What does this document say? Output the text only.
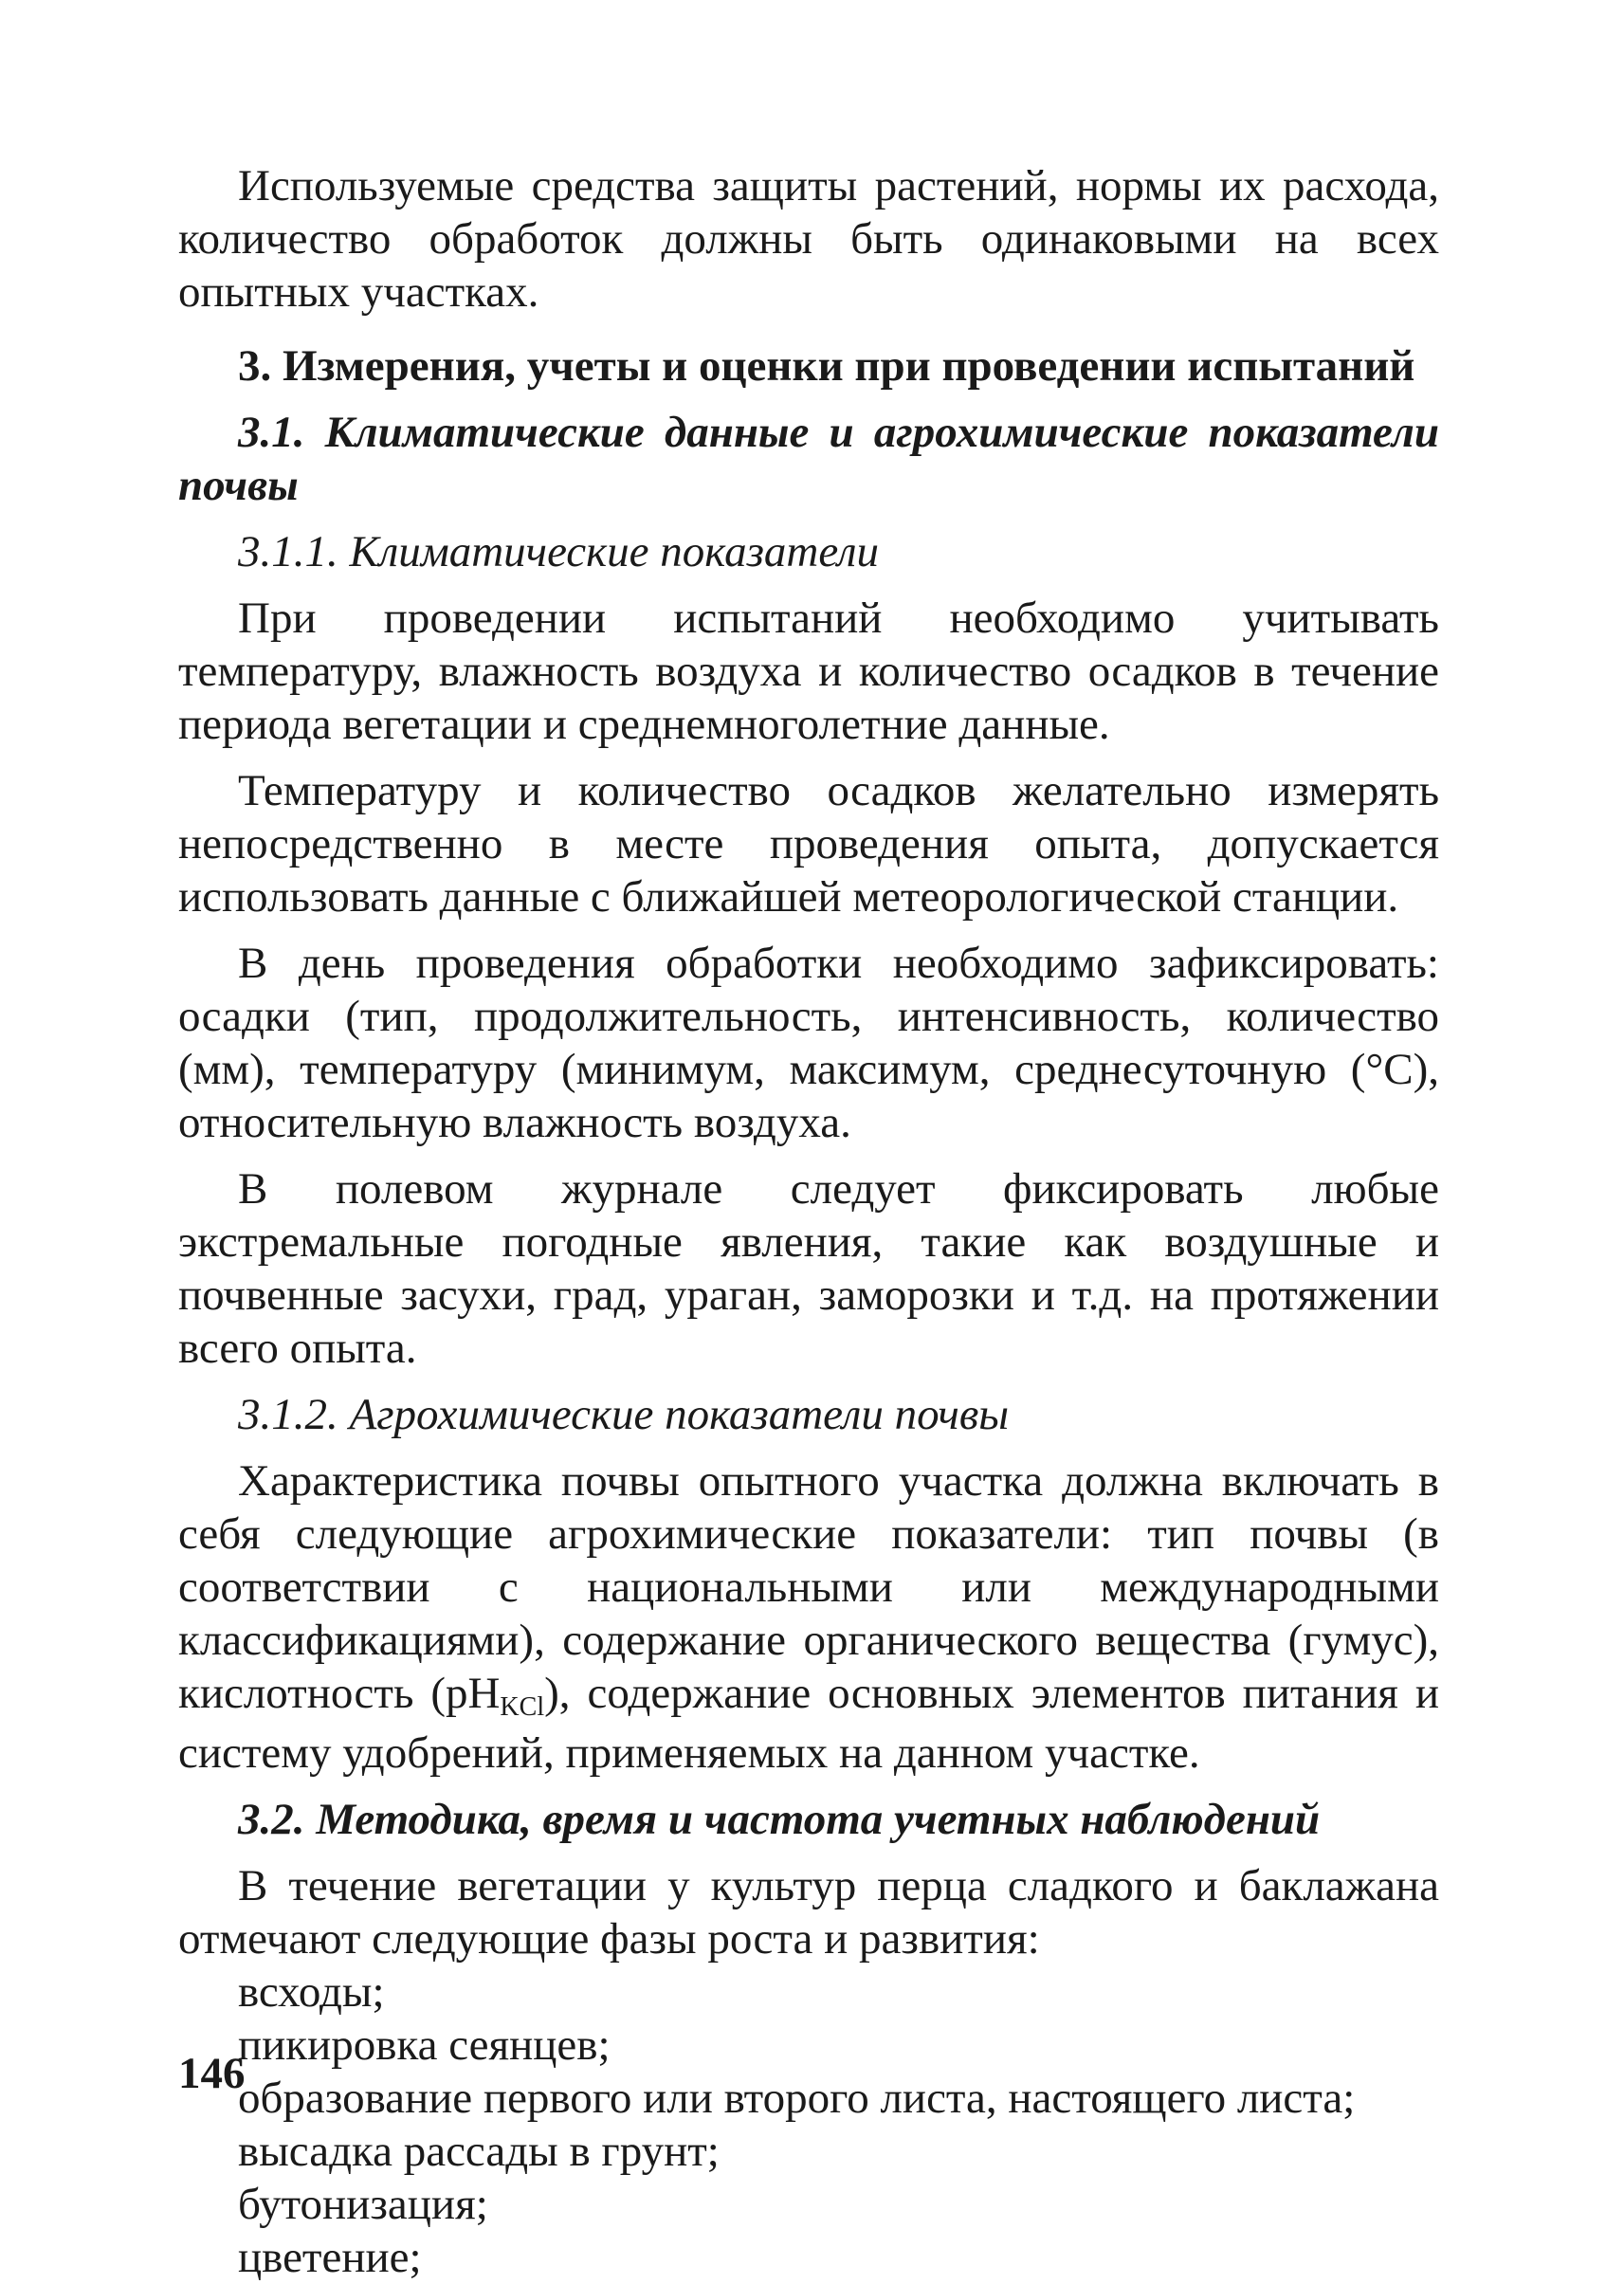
Используемые средства защиты растений, нормы их расхода, количество обработок должны быть одинаковыми на всех опытных участках.

3. Измерения, учеты и оценки при проведении испытаний
3.1. Климатические данные и агрохимические показатели почвы
3.1.1. Климатические показатели

При проведении испытаний необходимо учитывать температуру, влажность воздуха и количество осадков в течение периода вегетации и среднемноголетние данные.

Температуру и количество осадков желательно измерять непосредственно в месте проведения опыта, допускается использовать данные с ближайшей метеорологической станции.

В день проведения обработки необходимо зафиксировать: осадки (тип, продолжительность, интенсивность, количество (мм), температуру (минимум, максимум, среднесуточную (°C), относительную влажность воздуха.

В полевом журнале следует фиксировать любые экстремальные погодные явления, такие как воздушные и почвенные засухи, град, ураган, заморозки и т.д. на протяжении всего опыта.

3.1.2. Агрохимические показатели почвы

Характеристика почвы опытного участка должна включать в себя следующие агрохимические показатели: тип почвы (в соответствии с национальными или международными классификациями), содержание органического вещества (гумус), кислотность $(pH_{KCl})$, содержание основных элементов питания и систему удобрений, применяемых на данном участке.

3.2. Методика, время и частота учетных наблюдений

В течение вегетации у культур перца сладкого и баклажана отмечают следующие фазы роста и развития:

всходы;
пикировка сеянцев;
образование первого или второго листа, настоящего листа;
высадка рассады в грунт;
бутонизация;
цветение;
146
